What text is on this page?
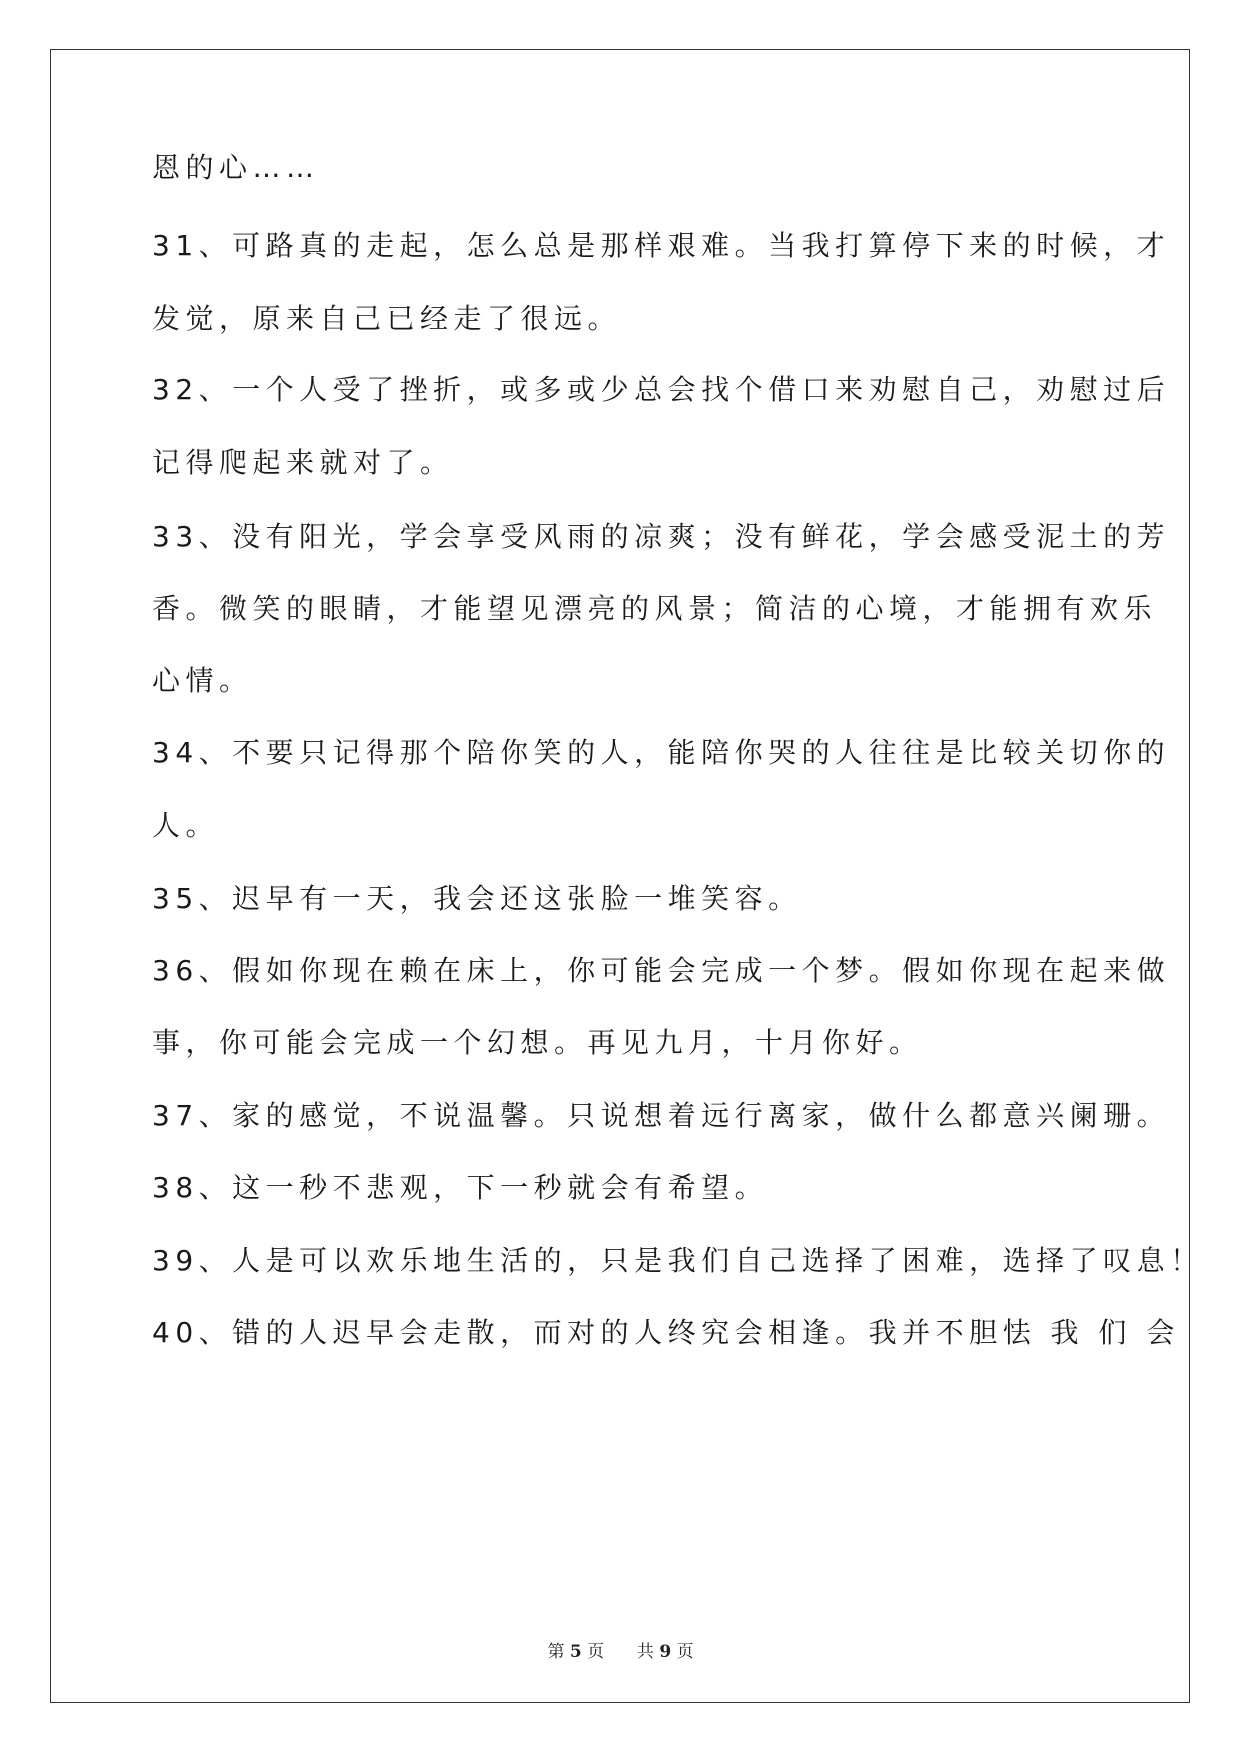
恩的心……
31、可路真的走起，怎么总是那样艰难。当我打算停下来的时候，才
发觉，原来自己已经走了很远。
32、一个人受了挫折，或多或少总会找个借口来劝慰自己，劝慰过后
记得爬起来就对了。
33、没有阳光，学会享受风雨的凉爽；没有鲜花，学会感受泥土的芳
香。微笑的眼睛，才能望见漂亮的风景；简洁的心境，才能拥有欢乐
心情。
34、不要只记得那个陪你笑的人，能陪你哭的人往往是比较关切你的
人。
35、迟早有一天，我会还这张脸一堆笑容。
36、假如你现在赖在床上，你可能会完成一个梦。假如你现在起来做
事，你可能会完成一个幻想。再见九月，十月你好。
37、家的感觉，不说温馨。只说想着远行离家，做什么都意兴阑珊。
38、这一秒不悲观，下一秒就会有希望。
39、人是可以欢乐地生活的，只是我们自己选择了困难，选择了叹息！
40、错的人迟早会走散，而对的人终究会相逢。我并不胆怯 我 们 会
第 5 页 共 9 页
